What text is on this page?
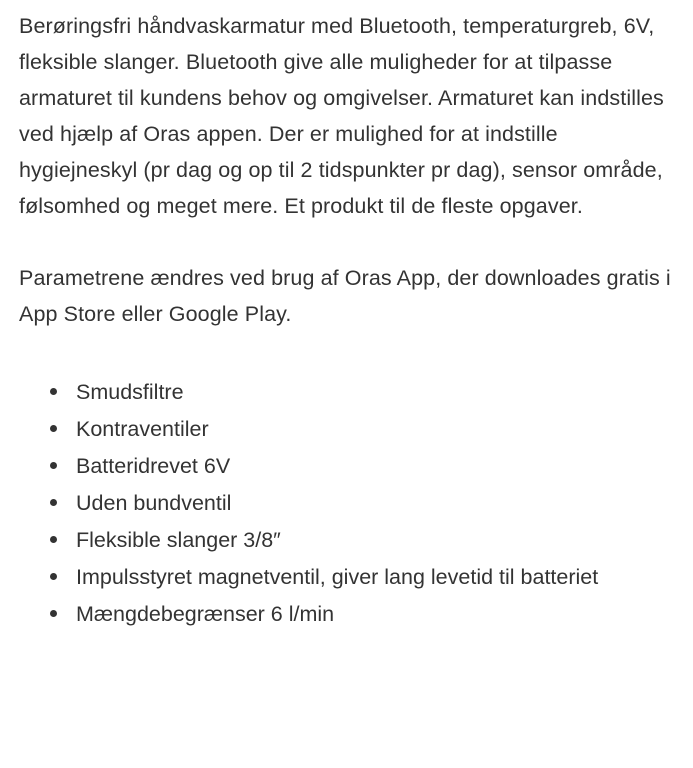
Berøringsfri håndvaskarmatur med Bluetooth, temperaturgreb, 6V, fleksible slanger. Bluetooth give alle muligheder for at tilpasse armaturet til kundens behov og omgivelser. Armaturet kan indstilles ved hjælp af Oras appen. Der er mulighed for at indstille hygiejneskyl (pr dag og op til 2 tidspunkter pr dag), sensor område, følsomhed og meget mere. Et produkt til de fleste opgaver.

Parametrene ændres ved brug af Oras App, der downloades gratis i App Store eller Google Play.

Smudsfiltre
Kontraventiler
Batteridrevet 6V
Uden bundventil
Fleksible slanger 3/8″
Impulsstyret magnetventil, giver lang levetid til batteriet
Mængdebegrænser 6 l/min
